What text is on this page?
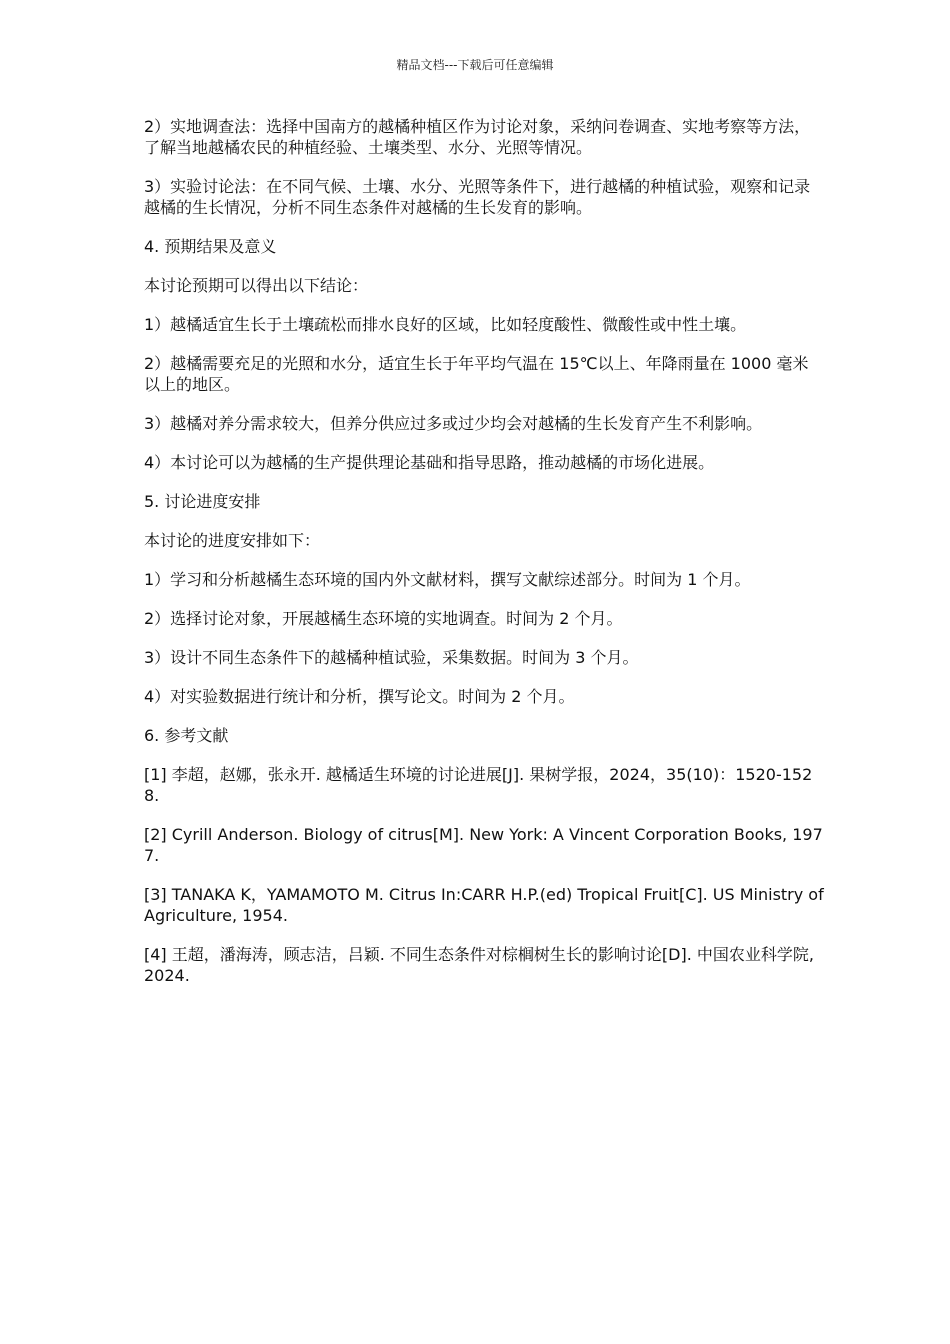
精品文档---下载后可任意编辑

2）实地调查法：选择中国南方的越橘种植区作为讨论对象，采纳问卷调查、实地考察等方法，了解当地越橘农民的种植经验、土壤类型、水分、光照等情况。

3）实验讨论法：在不同气候、土壤、水分、光照等条件下，进行越橘的种植试验，观察和记录越橘的生长情况，分析不同生态条件对越橘的生长发育的影响。

4. 预期结果及意义

本讨论预期可以得出以下结论：

1）越橘适宜生长于土壤疏松而排水良好的区域，比如轻度酸性、微酸性或中性土壤。

2）越橘需要充足的光照和水分，适宜生长于年平均气温在 15℃以上、年降雨量在 1000 毫米以上的地区。

3）越橘对养分需求较大，但养分供应过多或过少均会对越橘的生长发育产生不利影响。

4）本讨论可以为越橘的生产提供理论基础和指导思路，推动越橘的市场化进展。

5. 讨论进度安排

本讨论的进度安排如下：

1）学习和分析越橘生态环境的国内外文献材料，撰写文献综述部分。时间为 1 个月。

2）选择讨论对象，开展越橘生态环境的实地调查。时间为 2 个月。

3）设计不同生态条件下的越橘种植试验，采集数据。时间为 3 个月。

4）对实验数据进行统计和分析，撰写论文。时间为 2 个月。

6. 参考文献

[1] 李超，赵娜，张永开. 越橘适生环境的讨论进展[J]. 果树学报，2024，35(10)：1520-1528.

[2] Cyrill Anderson. Biology of citrus[M]. New York: A Vincent Corporation Books, 1977.

[3] TANAKA K，YAMAMOTO M. Citrus In:CARR H.P.(ed) Tropical Fruit[C]. US Ministry of Agriculture, 1954.

[4] 王超，潘海涛，顾志洁，吕颖. 不同生态条件对棕榈树生长的影响讨论[D]. 中国农业科学院, 2024.
